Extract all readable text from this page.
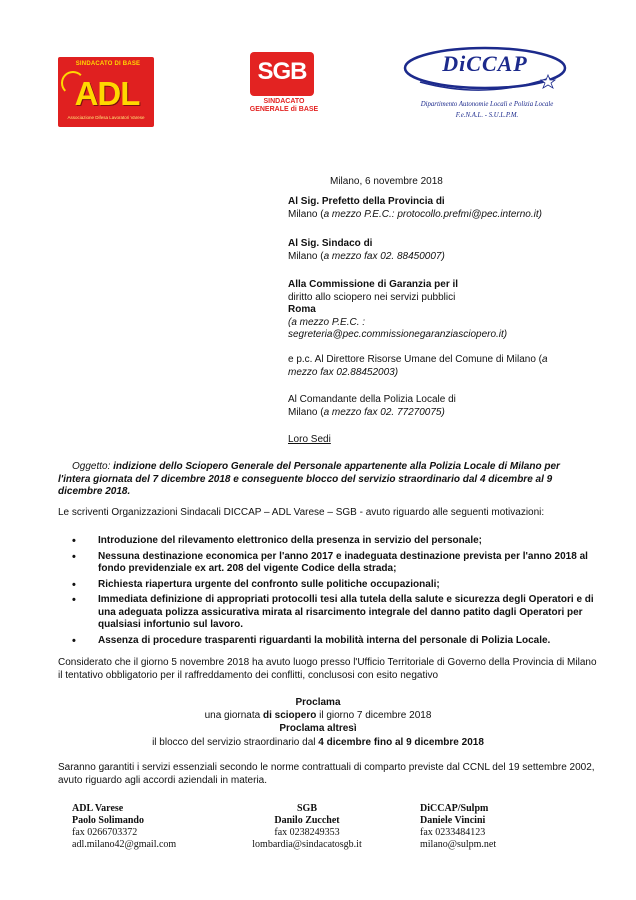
SINDACATO DI BASE
ADL
Associazione Difesa Lavoratori Varese
SGB
SINDACATO
GENERALE di BASE
DiCCAP
Dipartimento Autonomie Locali e Polizia Locale
F.e.N.A.L. - S.U.L.P.M.
Milano, 6 novembre 2018
Al Sig. Prefetto della Provincia di
Milano (a mezzo P.E.C.: protocollo.prefmi@pec.interno.it)
Al Sig. Sindaco di
Milano (a mezzo fax 02. 88450007)
Alla Commissione di Garanzia per il
diritto allo sciopero nei servizi pubblici
Roma
(a mezzo P.E.C. :
segreteria@pec.commissionegaranziasciopero.it)
e p.c. Al Direttore Risorse Umane del Comune di Milano (a
mezzo fax 02.88452003)
Al Comandante della Polizia Locale di
Milano (a mezzo fax 02. 77270075)
Loro Sedi
Oggetto: indizione dello Sciopero Generale del Personale appartenente alla Polizia Locale di Milano per l'intera giornata del 7 dicembre 2018 e conseguente blocco del servizio straordinario dal 4 dicembre al 9 dicembre 2018.
Le scriventi Organizzazioni Sindacali DICCAP – ADL Varese – SGB - avuto riguardo alle seguenti motivazioni:
• Introduzione del rilevamento elettronico della presenza in servizio del personale;
• Nessuna destinazione economica per l'anno 2017 e inadeguata destinazione prevista per l'anno 2018 al fondo previdenziale ex art. 208 del vigente Codice della strada;
• Richiesta riapertura urgente del confronto sulle politiche occupazionali;
• Immediata definizione di appropriati protocolli tesi alla tutela della salute e sicurezza degli Operatori e di una adeguata polizza assicurativa mirata al risarcimento integrale del danno patito dagli Operatori per qualsiasi infortunio sul lavoro.
• Assenza di procedure trasparenti riguardanti la mobilità interna del personale di Polizia Locale.
Considerato che il giorno 5 novembre 2018 ha avuto luogo presso l'Ufficio Territoriale di Governo della Provincia di Milano il tentativo obbligatorio per il raffreddamento dei conflitti, conclusosi con esito negativo
Proclama
una giornata di sciopero il giorno 7 dicembre 2018
Proclama altresì
il blocco del servizio straordinario dal 4 dicembre fino al 9 dicembre 2018
Saranno garantiti i servizi essenziali secondo le norme contrattuali di comparto previste dal CCNL del 19 settembre 2002, avuto riguardo agli accordi aziendali in materia.
ADL Varese
Paolo Solimando
fax 0266703372
adl.milano42@gmail.com
SGB
Danilo Zucchet
fax 0238249353
lombardia@sindacatosgb.it
DiCCAP/Sulpm
Daniele Vincini
fax 0233484123
milano@sulpm.net
